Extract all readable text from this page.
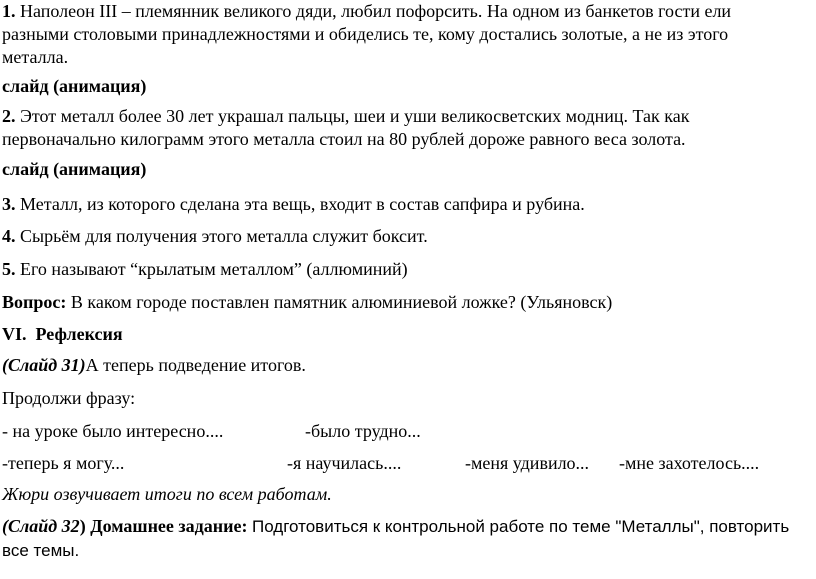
1. Наполеон III – племянник великого дяди, любил пофорсить. На одном из банкетов гости ели
разными столовыми принадлежностями и обиделись те, кому достались золотые, а не из этого
металла.
слайд (анимация)
2. Этот металл более 30 лет украшал пальцы, шеи и уши великосветских модниц. Так как
первоначально килограмм этого металла стоил на 80 рублей дороже равного веса золота.
слайд (анимация)
3. Металл, из которого сделана эта вещь, входит в состав сапфира и рубина.
4. Сырьём для получения этого металла служит боксит.
5. Его называют “крылатым металлом” (аллюминий)
Вопрос: В каком городе поставлен памятник алюминиевой ложке? (Ульяновск)
VI. Рефлексия
(Слайд 31)А теперь подведение итогов.
Продолжи фразу:
- на уроке было интересно....	-было трудно...
-теперь я могу...	-я научилась....	-меня удивило... -мне захотелось....
Жюри озвучивает итоги по всем работам.
(Слайд 32) Домашнее задание: Подготовиться к контрольной работе по теме "Металлы", повторить
все темы.
